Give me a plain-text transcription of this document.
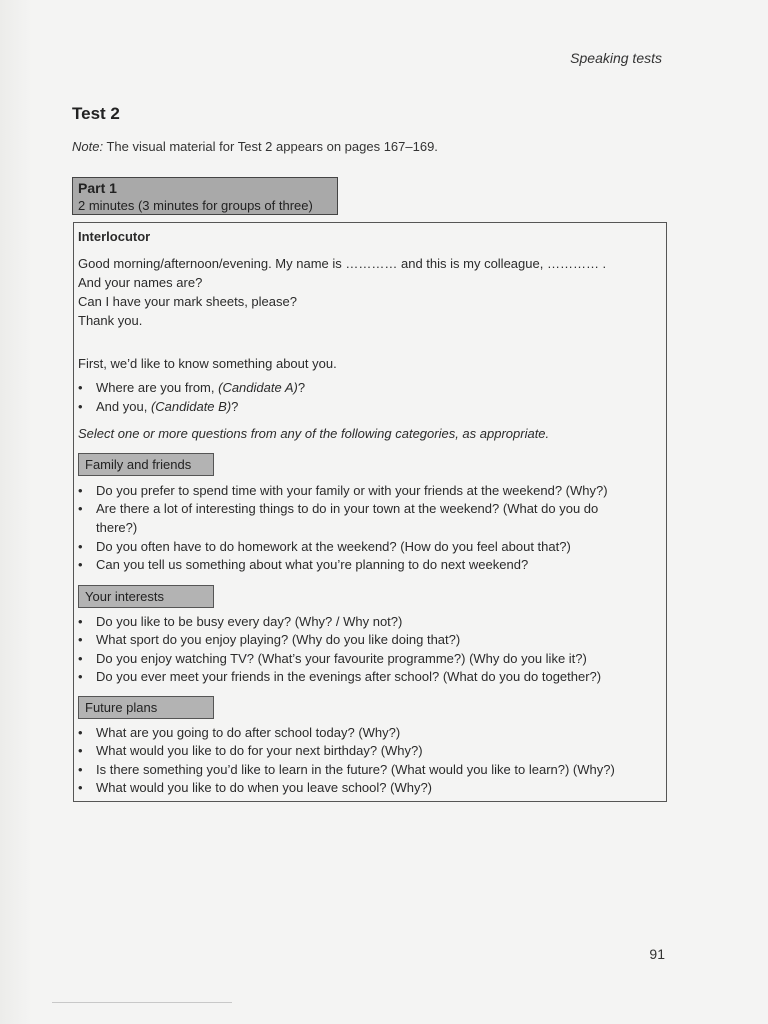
Speaking tests
Test 2
Note: The visual material for Test 2 appears on pages 167–169.
Part 1
2 minutes (3 minutes for groups of three)
Interlocutor
Good morning/afternoon/evening. My name is ………… and this is my colleague, ………… .
And your names are?
Can I have your mark sheets, please?
Thank you.
First, we’d like to know something about you.
• Where are you from, (Candidate A)?
• And you, (Candidate B)?
Select one or more questions from any of the following categories, as appropriate.
Family and friends
• Do you prefer to spend time with your family or with your friends at the weekend? (Why?)
• Are there a lot of interesting things to do in your town at the weekend? (What do you do
there?)
• Do you often have to do homework at the weekend? (How do you feel about that?)
• Can you tell us something about what you’re planning to do next weekend?
Your interests
• Do you like to be busy every day? (Why? / Why not?)
• What sport do you enjoy playing? (Why do you like doing that?)
• Do you enjoy watching TV? (What’s your favourite programme?) (Why do you like it?)
• Do you ever meet your friends in the evenings after school? (What do you do together?)
Future plans
• What are you going to do after school today? (Why?)
• What would you like to do for your next birthday? (Why?)
• Is there something you’d like to learn in the future? (What would you like to learn?) (Why?)
• What would you like to do when you leave school? (Why?)
91
